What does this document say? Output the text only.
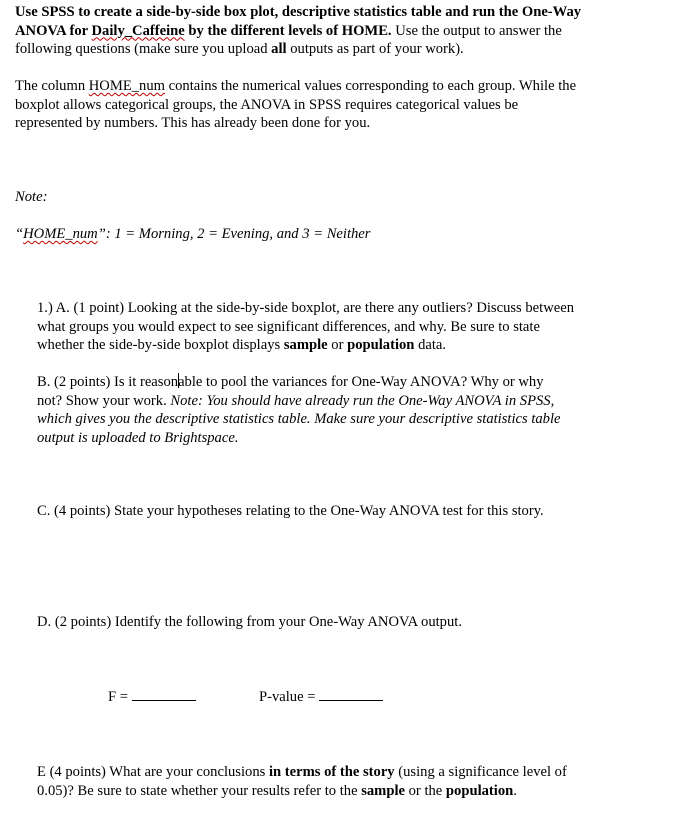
Use SPSS to create a side-by-side box plot, descriptive statistics table and run the One-Way
ANOVA for Daily_Caffeine by the different levels of HOME. Use the output to answer the
following questions (make sure you upload all outputs as part of your work).
The column HOME_num contains the numerical values corresponding to each group. While the
boxplot allows categorical groups, the ANOVA in SPSS requires categorical values be
represented by numbers. This has already been done for you.
Note:
“HOME_num”: 1 = Morning, 2 = Evening, and 3 = Neither
1.) A. (1 point) Looking at the side-by-side boxplot, are there any outliers? Discuss between
what groups you would expect to see significant differences, and why. Be sure to state
whether the side-by-side boxplot displays sample or population data.
B. (2 points) Is it reasonable to pool the variances for One-Way ANOVA? Why or why
not? Show your work. Note: You should have already run the One-Way ANOVA in SPSS,
which gives you the descriptive statistics table. Make sure your descriptive statistics table
output is uploaded to Brightspace.
C. (4 points) State your hypotheses relating to the One-Way ANOVA test for this story.
D. (2 points) Identify the following from your One-Way ANOVA output.
F =	P-value =
E (4 points) What are your conclusions in terms of the story (using a significance level of
0.05)? Be sure to state whether your results refer to the sample or the population.
